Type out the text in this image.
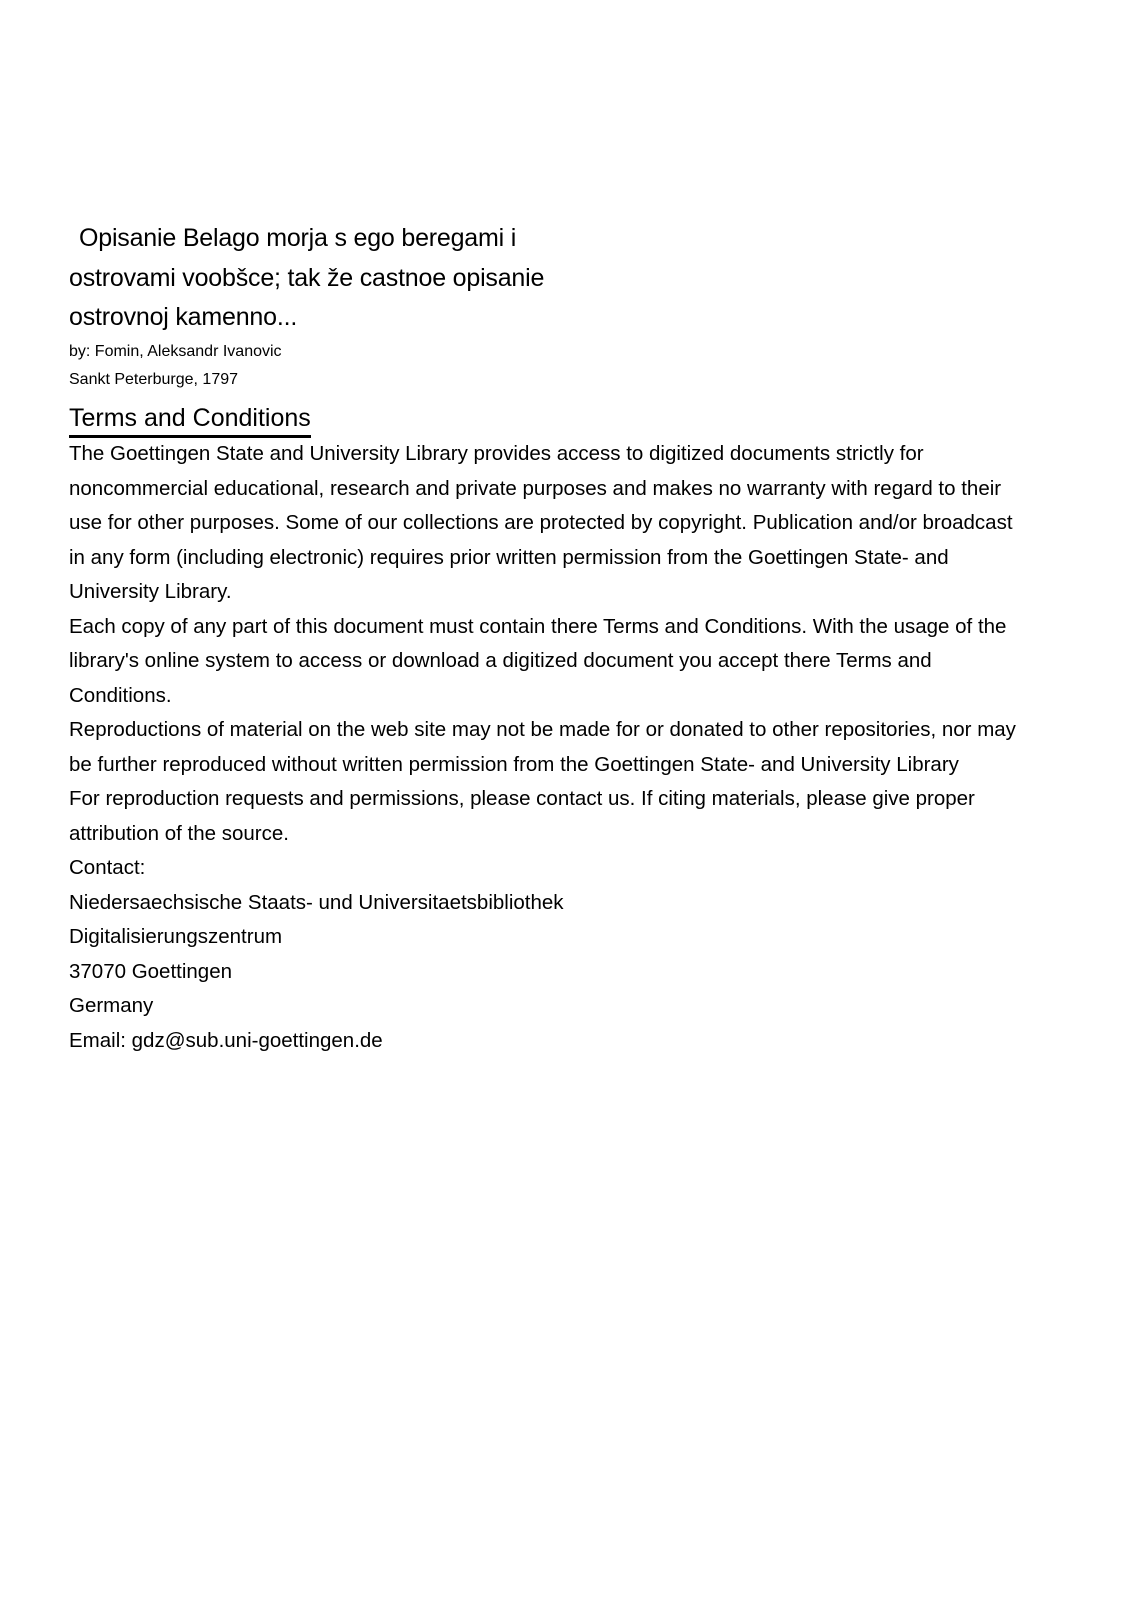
Opisanie Belago morja s ego beregami i
ostrovami voobšce; tak že castnoe opisanie
ostrovnoj kamenno...
by: Fomin, Aleksandr Ivanovic
Sankt Peterburge, 1797
Terms and Conditions
The Goettingen State and University Library provides access to digitized documents strictly for noncommercial educational, research and private purposes and makes no warranty with regard to their use for other purposes. Some of our collections are protected by copyright. Publication and/or broadcast in any form (including electronic) requires prior written permission from the Goettingen State- and University Library.
Each copy of any part of this document must contain there Terms and Conditions. With the usage of the library's online system to access or download a digitized document you accept there Terms and Conditions.
Reproductions of material on the web site may not be made for or donated to other repositories, nor may be further reproduced without written permission from the Goettingen State- and University Library
For reproduction requests and permissions, please contact us. If citing materials, please give proper attribution of the source.
Contact:
Niedersaechsische Staats- und Universitaetsbibliothek
Digitalisierungszentrum
37070 Goettingen
Germany
Email: gdz@sub.uni-goettingen.de
